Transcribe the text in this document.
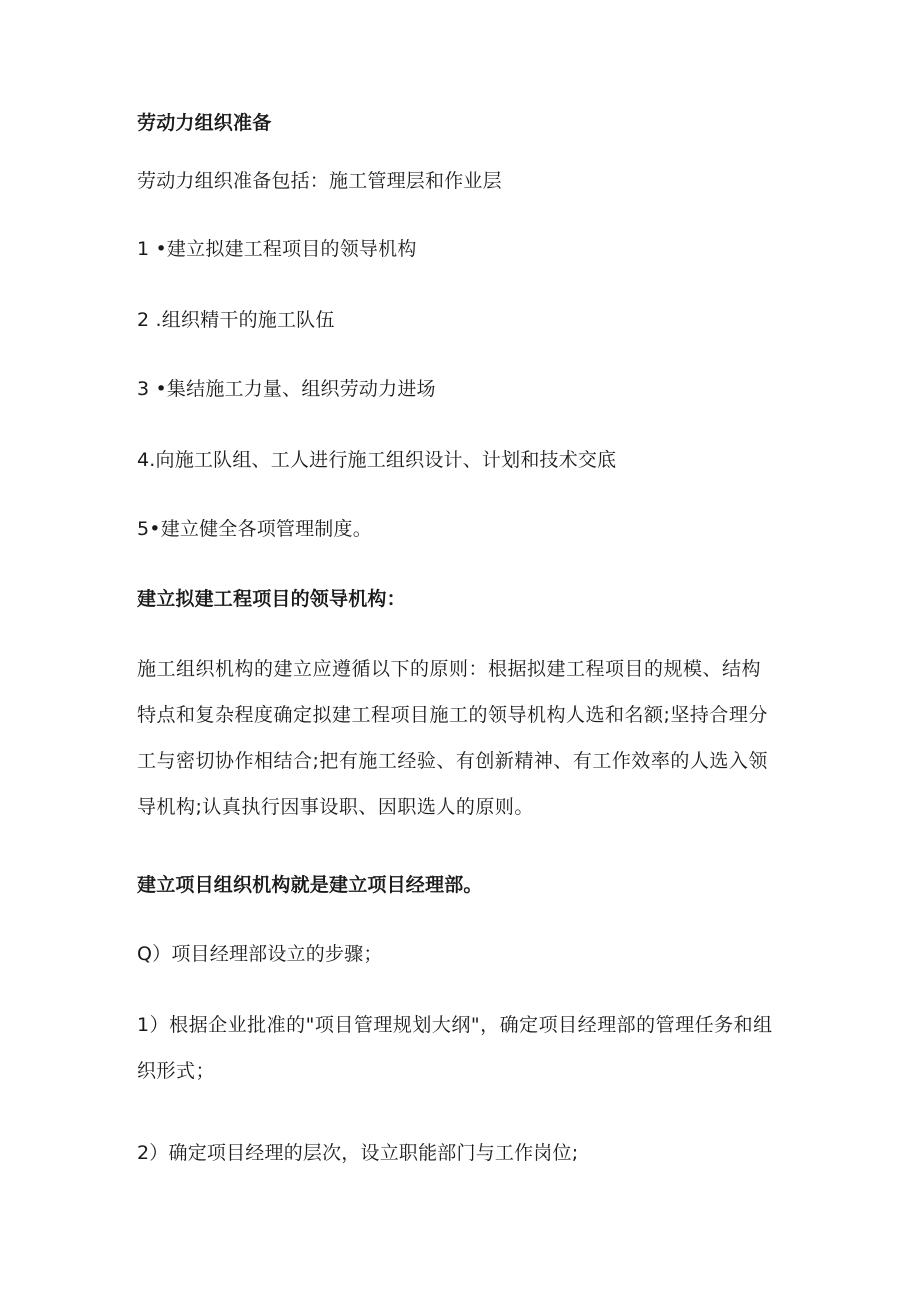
劳动力组织准备

劳动力组织准备包括：施工管理层和作业层

1 •建立拟建工程项目的领导机构

2 .组织精干的施工队伍

3 •集结施工力量、组织劳动力进场

4.向施工队组、工人进行施工组织设计、计划和技术交底

5•建立健全各项管理制度。

建立拟建工程项目的领导机构：

施工组织机构的建立应遵循以下的原则：根据拟建工程项目的规模、结构
特点和复杂程度确定拟建工程项目施工的领导机构人选和名额;坚持合理分
工与密切协作相结合;把有施工经验、有创新精神、有工作效率的人选入领
导机构;认真执行因事设职、因职选人的原则。

建立项目组织机构就是建立项目经理部。

Q）项目经理部设立的步骤；

1）根据企业批准的"项目管理规划大纲"，确定项目经理部的管理任务和组
织形式；

2）确定项目经理的层次，设立职能部门与工作岗位;
